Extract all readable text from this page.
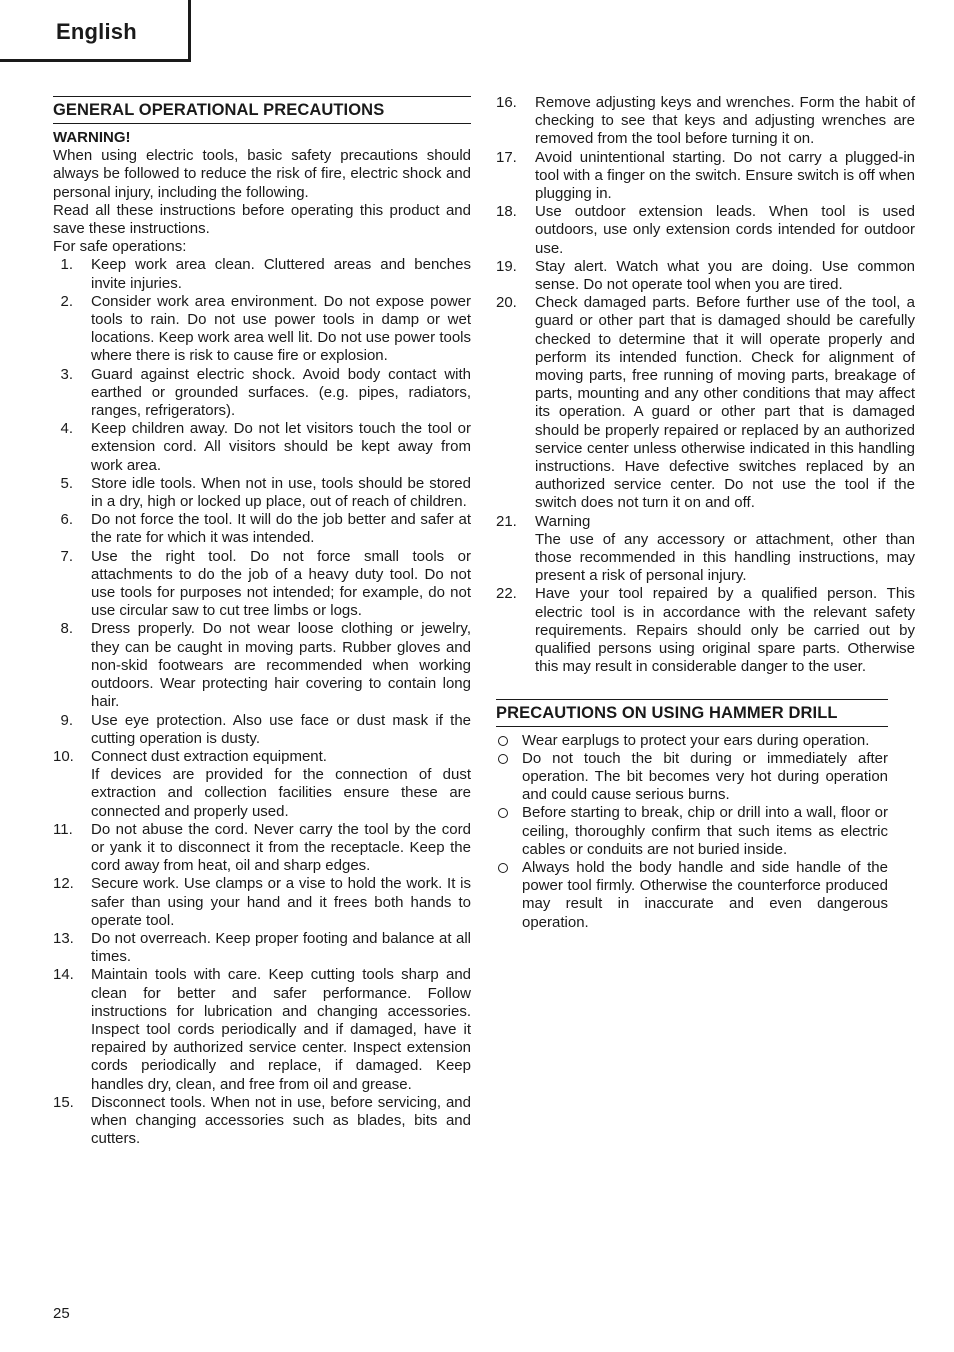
English
GENERAL OPERATIONAL PRECAUTIONS
WARNING!
When using electric tools, basic safety precautions should always be followed to reduce the risk of fire, electric shock and personal injury, including the following.
Read all these instructions before operating this product and save these instructions.
For safe operations:
1. Keep work area clean. Cluttered areas and benches invite injuries.
2. Consider work area environment. Do not expose power tools to rain. Do not use power tools in damp or wet locations. Keep work area well lit. Do not use power tools where there is risk to cause fire or explosion.
3. Guard against electric shock. Avoid body contact with earthed or grounded surfaces. (e.g. pipes, radiators, ranges, refrigerators).
4. Keep children away. Do not let visitors touch the tool or extension cord. All visitors should be kept away from work area.
5. Store idle tools. When not in use, tools should be stored in a dry, high or locked up place, out of reach of children.
6. Do not force the tool. It will do the job better and safer at the rate for which it was intended.
7. Use the right tool. Do not force small tools or attachments to do the job of a heavy duty tool. Do not use tools for purposes not intended; for example, do not use circular saw to cut tree limbs or logs.
8. Dress properly. Do not wear loose clothing or jewelry, they can be caught in moving parts. Rubber gloves and non-skid footwears are recommended when working outdoors. Wear protecting hair covering to contain long hair.
9. Use eye protection. Also use face or dust mask if the cutting operation is dusty.
10. Connect dust extraction equipment.
If devices are provided for the connection of dust extraction and collection facilities ensure these are connected and properly used.
11. Do not abuse the cord. Never carry the tool by the cord or yank it to disconnect it from the receptacle. Keep the cord away from heat, oil and sharp edges.
12. Secure work. Use clamps or a vise to hold the work. It is safer than using your hand and it frees both hands to operate tool.
13. Do not overreach. Keep proper footing and balance at all times.
14. Maintain tools with care. Keep cutting tools sharp and clean for better and safer performance. Follow instructions for lubrication and changing accessories. Inspect tool cords periodically and if damaged, have it repaired by authorized service center. Inspect extension cords periodically and replace, if damaged. Keep handles dry, clean, and free from oil and grease.
15. Disconnect tools. When not in use, before servicing, and when changing accessories such as blades, bits and cutters.
16. Remove adjusting keys and wrenches. Form the habit of checking to see that keys and adjusting wrenches are removed from the tool before turning it on.
17. Avoid unintentional starting. Do not carry a plugged-in tool with a finger on the switch. Ensure switch is off when plugging in.
18. Use outdoor extension leads. When tool is used outdoors, use only extension cords intended for outdoor use.
19. Stay alert. Watch what you are doing. Use common sense. Do not operate tool when you are tired.
20. Check damaged parts. Before further use of the tool, a guard or other part that is damaged should be carefully checked to determine that it will operate properly and perform its intended function. Check for alignment of moving parts, free running of moving parts, breakage of parts, mounting and any other conditions that may affect its operation. A guard or other part that is damaged should be properly repaired or replaced by an authorized service center unless otherwise indicated in this handling instructions. Have defective switches replaced by an authorized service center. Do not use the tool if the switch does not turn it on and off.
21. Warning
The use of any accessory or attachment, other than those recommended in this handling instructions, may present a risk of personal injury.
22. Have your tool repaired by a qualified person. This electric tool is in accordance with the relevant safety requirements. Repairs should only be carried out by qualified persons using original spare parts. Otherwise this may result in considerable danger to the user.
PRECAUTIONS ON USING HAMMER DRILL
Wear earplugs to protect your ears during operation.
Do not touch the bit during or immediately after operation. The bit becomes very hot during operation and could cause serious burns.
Before starting to break, chip or drill into a wall, floor or ceiling, thoroughly confirm that such items as electric cables or conduits are not buried inside.
Always hold the body handle and side handle of the power tool firmly. Otherwise the counterforce produced may result in inaccurate and even dangerous operation.
25
